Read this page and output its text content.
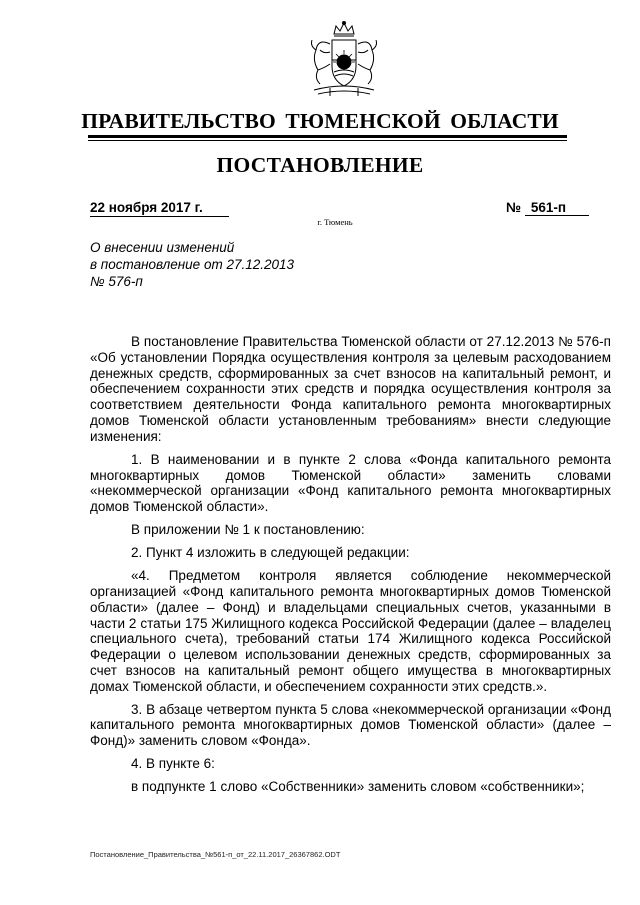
ПРАВИТЕЛЬСТВО ТЮМЕНСКОЙ ОБЛАСТИ
ПОСТАНОВЛЕНИЕ
22 ноября 2017 г.	№ 561-п
г. Тюмень
О внесении изменений
в постановление от 27.12.2013
№ 576-п

В постановление Правительства Тюменской области от 27.12.2013 № 576-п «Об установлении Порядка осуществления контроля за целевым расходованием денежных средств, сформированных за счет взносов на капитальный ремонт, и обеспечением сохранности этих средств и порядка осуществления контроля за соответствием деятельности Фонда капитального ремонта многоквартирных домов Тюменской области установленным требованиям» внести следующие изменения:

1. В наименовании и в пункте 2 слова «Фонда капитального ремонта многоквартирных домов Тюменской области» заменить словами «некоммерческой организации «Фонд капитального ремонта многоквартирных домов Тюменской области».

В приложении № 1 к постановлению:

2. Пункт 4 изложить в следующей редакции:

«4. Предметом контроля является соблюдение некоммерческой организацией «Фонд капитального ремонта многоквартирных домов Тюменской области» (далее – Фонд) и владельцами специальных счетов, указанными в части 2 статьи 175 Жилищного кодекса Российской Федерации (далее – владелец специального счета), требований статьи 174 Жилищного кодекса Российской Федерации о целевом использовании денежных средств, сформированных за счет взносов на капитальный ремонт общего имущества в многоквартирных домах Тюменской области, и обеспечением сохранности этих средств.».

3. В абзаце четвертом пункта 5 слова «некоммерческой организации «Фонд капитального ремонта многоквартирных домов Тюменской области» (далее – Фонд)» заменить словом «Фонда».

4. В пункте 6:

в подпункте 1 слово «Собственники» заменить словом «собственники»;

Постановление_Правительства_№561-п_от_22.11.2017_26367862.ODT
